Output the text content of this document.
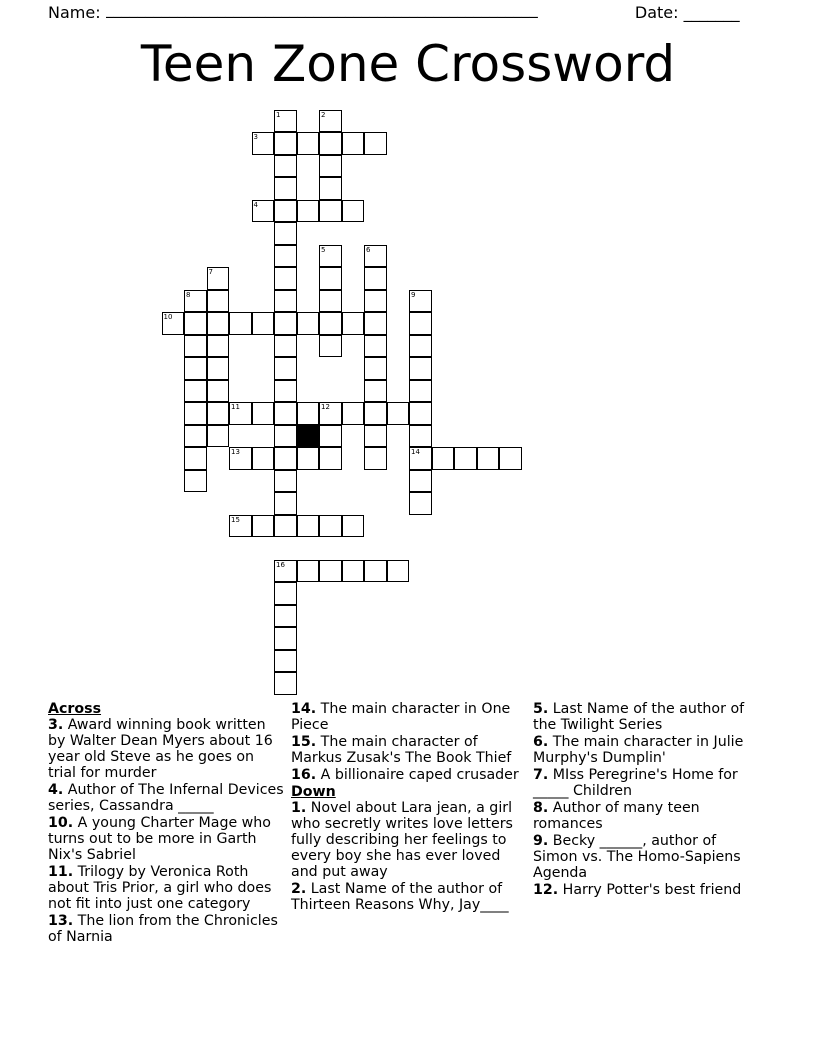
Name: ______________________________________________________	Date: _______
Teen Zone Crossword
1	2
3
4
5	6
7
8	9
10
11	12
13	14
15
16
Across
3. Award winning book written by Walter Dean Myers about 16 year old Steve as he goes on trial for murder
4. Author of The Infernal Devices series, Cassandra _____
10. A young Charter Mage who turns out to be more in Garth Nix's Sabriel
11. Trilogy by Veronica Roth about Tris Prior, a girl who does not fit into just one category
13. The lion from the Chronicles of Narnia
14. The main character in One Piece
15. The main character of Markus Zusak's The Book Thief
16. A billionaire caped crusader
Down
1. Novel about Lara jean, a girl who secretly writes love letters fully describing her feelings to every boy she has ever loved and put away
2. Last Name of the author of Thirteen Reasons Why, Jay____
5. Last Name of the author of the Twilight Series
6. The main character in Julie Murphy's Dumplin'
7. MIss Peregrine's Home for _____ Children
8. Author of many teen romances
9. Becky ______, author of Simon vs. The Homo-Sapiens Agenda
12. Harry Potter's best friend
